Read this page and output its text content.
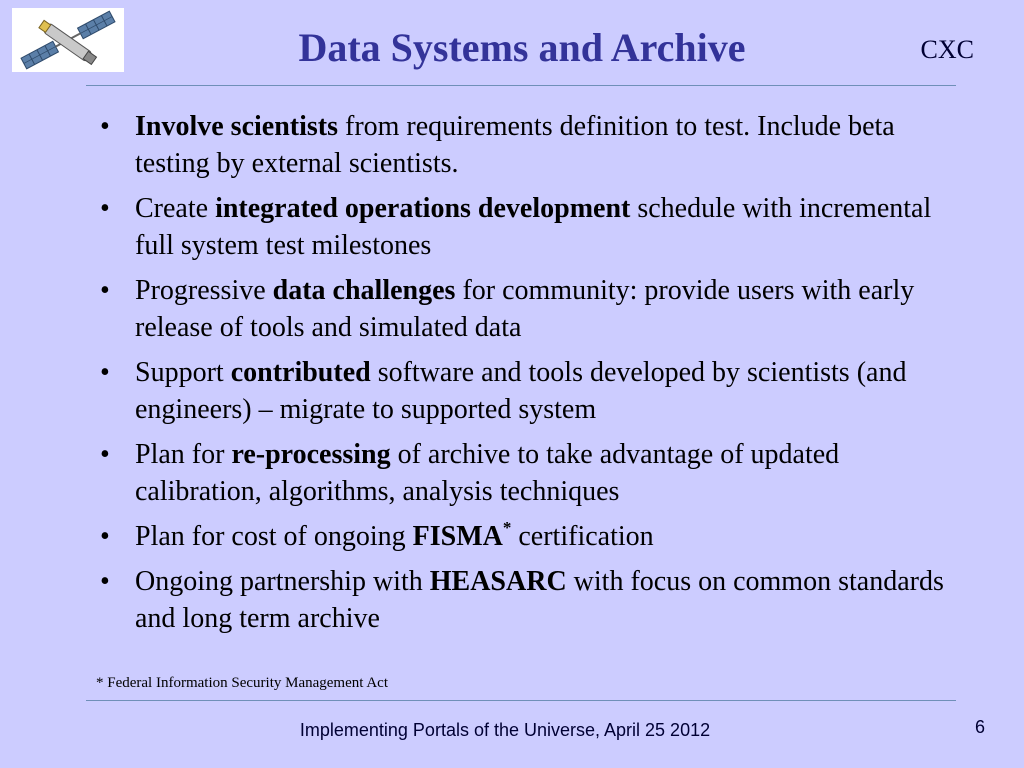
Data Systems and Archive	CXC
• Involve scientists from requirements definition to test. Include beta testing by external scientists.
• Create integrated operations development schedule with incremental full system test milestones
• Progressive data challenges for community: provide users with early release of tools and simulated data
• Support contributed software and tools developed by scientists (and engineers) – migrate to supported system
• Plan for re-processing of archive to take advantage of updated calibration, algorithms, analysis techniques
• Plan for cost of ongoing FISMA* certification
• Ongoing partnership with HEASARC with focus on common standards and long term archive
* Federal Information Security Management Act
Implementing Portals of the Universe, April 25 2012	6
